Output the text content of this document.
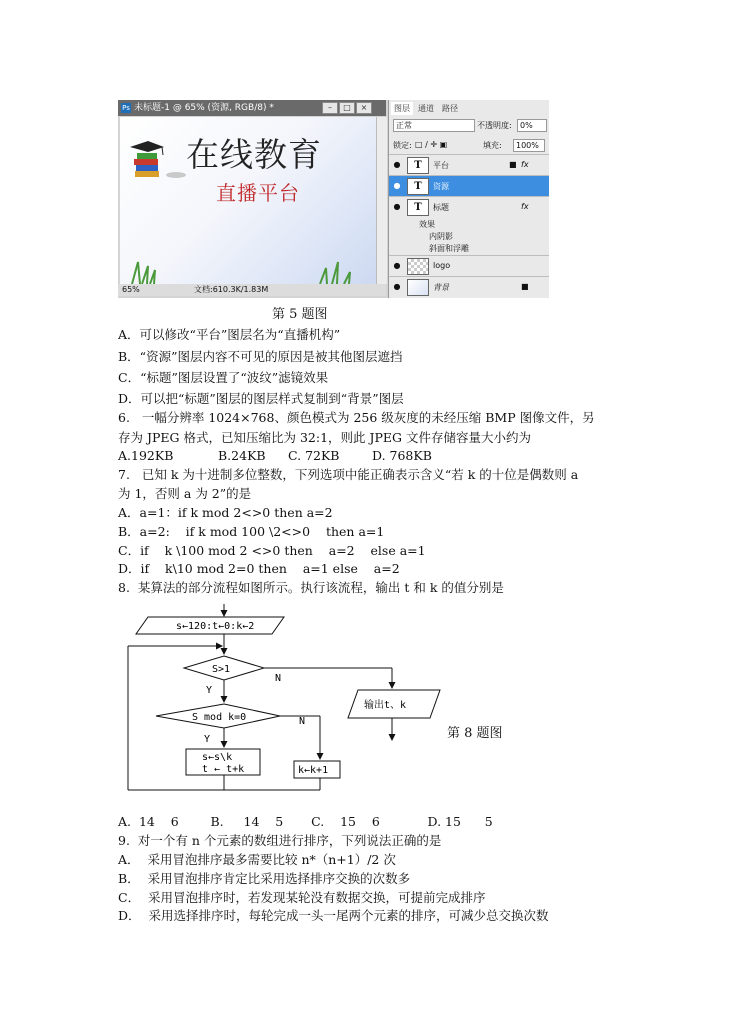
Ps 未标题-1 @ 65% (资源, RGB/8) *	–	□	×
在线教育
直播平台
65%	文档:610.3K/1.83M
图层	通道	路径
正常	不透明度:	0%
锁定: □ ∕ ✛ ▣	填充:	100%
●	T	平台	■ fx
●	T	资源
●	T	标题	fx
效果
内阴影
斜面和浮雕
●	logo
●	背景	■
第 5 题图
A．可以修改“平台”图层名为“直播机构”
B．“资源”图层内容不可见的原因是被其他图层遮挡
C．“标题”图层设置了“波纹”滤镜效果
D．可以把“标题”图层的图层样式复制到“背景”图层
6.   一幅分辨率 1024×768、颜色模式为 256 级灰度的未经压缩 BMP 图像文件，另
存为 JPEG 格式，已知压缩比为 32:1，则此 JPEG 文件存储容量大小约为
A.192KB	B.24KB C. 72KB	D. 768KB
7.   已知 k 为十进制多位整数，下列选项中能正确表示含义“若 k 的十位是偶数则 a
为 1，否则 a 为 2”的是
A．a=1：if k mod 2<>0 then a=2
B．a=2:    if k mod 100 \2<>0    then a=1
C．if    k \100 mod 2 <>0 then    a=2    else a=1
D．if    k\10 mod 2=0 then    a=1 else    a=2
8.  某算法的部分流程如图所示。执行该流程，输出 t 和 k 的值分别是
s←120:t←0:k←2
S>1
N
Y
输出t、k
S mod k=0	N
Y
s←s\k
t ← t+k	k←k+1
第 8 题图
A.  14    6        B.     14    5       C.    15    6            D. 15      5
9.  对一个有 n 个元素的数组进行排序，下列说法正确的是
A．  采用冒泡排序最多需要比较 n*（n+1）/2 次
B．  采用冒泡排序肯定比采用选择排序交换的次数多
C．  采用冒泡排序时，若发现某轮没有数据交换，可提前完成排序
D．  采用选择排序时，每轮完成一头一尾两个元素的排序，可减少总交换次数
